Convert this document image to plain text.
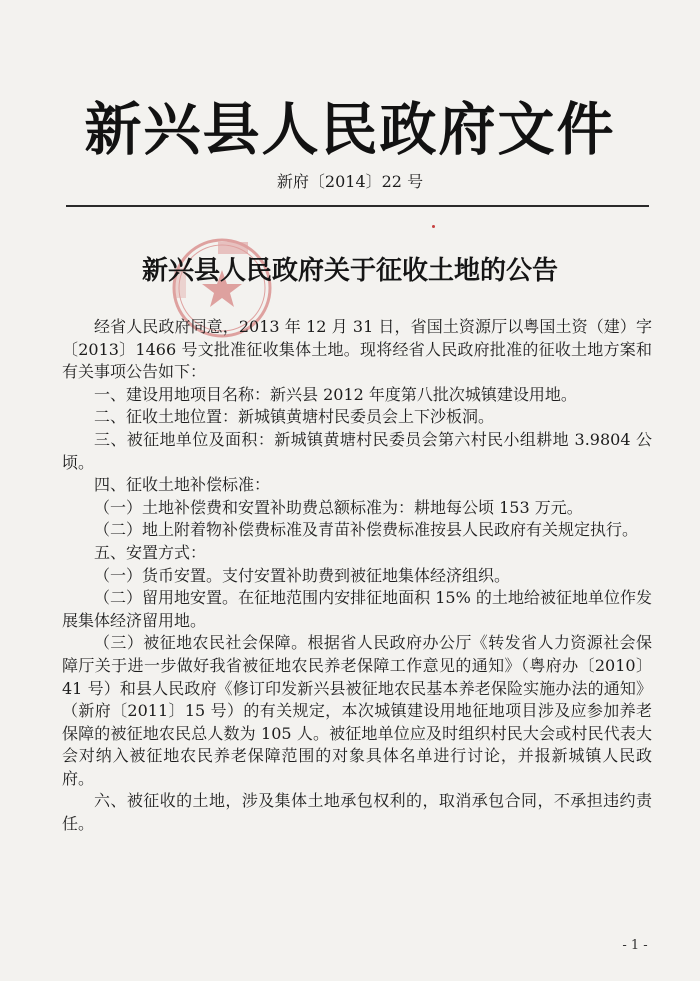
新兴县人民政府文件
新府〔2014〕22 号
新兴县人民政府关于征收土地的公告

经省人民政府同意，2013 年 12 月 31 日，省国土资源厅以粤国土资（建）字〔2013〕1466 号文批准征收集体土地。现将经省人民政府批准的征收土地方案和有关事项公告如下：

一、建设用地项目名称：新兴县 2012 年度第八批次城镇建设用地。

二、征收土地位置：新城镇黄塘村民委员会上下沙板洞。

三、被征地单位及面积：新城镇黄塘村民委员会第六村民小组耕地 3.9804 公顷。

四、征收土地补偿标准：

（一）土地补偿费和安置补助费总额标准为：耕地每公顷 153 万元。

（二）地上附着物补偿费标准及青苗补偿费标准按县人民政府有关规定执行。

五、安置方式：

（一）货币安置。支付安置补助费到被征地集体经济组织。

（二）留用地安置。在征地范围内安排征地面积 15% 的土地给被征地单位作发展集体经济留用地。

（三）被征地农民社会保障。根据省人民政府办公厅《转发省人力资源社会保障厅关于进一步做好我省被征地农民养老保障工作意见的通知》（粤府办〔2010〕41 号）和县人民政府《修订印发新兴县被征地农民基本养老保险实施办法的通知》（新府〔2011〕15 号）的有关规定，本次城镇建设用地征地项目涉及应参加养老保障的被征地农民总人数为 105 人。被征地单位应及时组织村民大会或村民代表大会对纳入被征地农民养老保障范围的对象具体名单进行讨论，并报新城镇人民政府。

六、被征收的土地，涉及集体土地承包权利的，取消承包合同，不承担违约责任。

- 1 -
